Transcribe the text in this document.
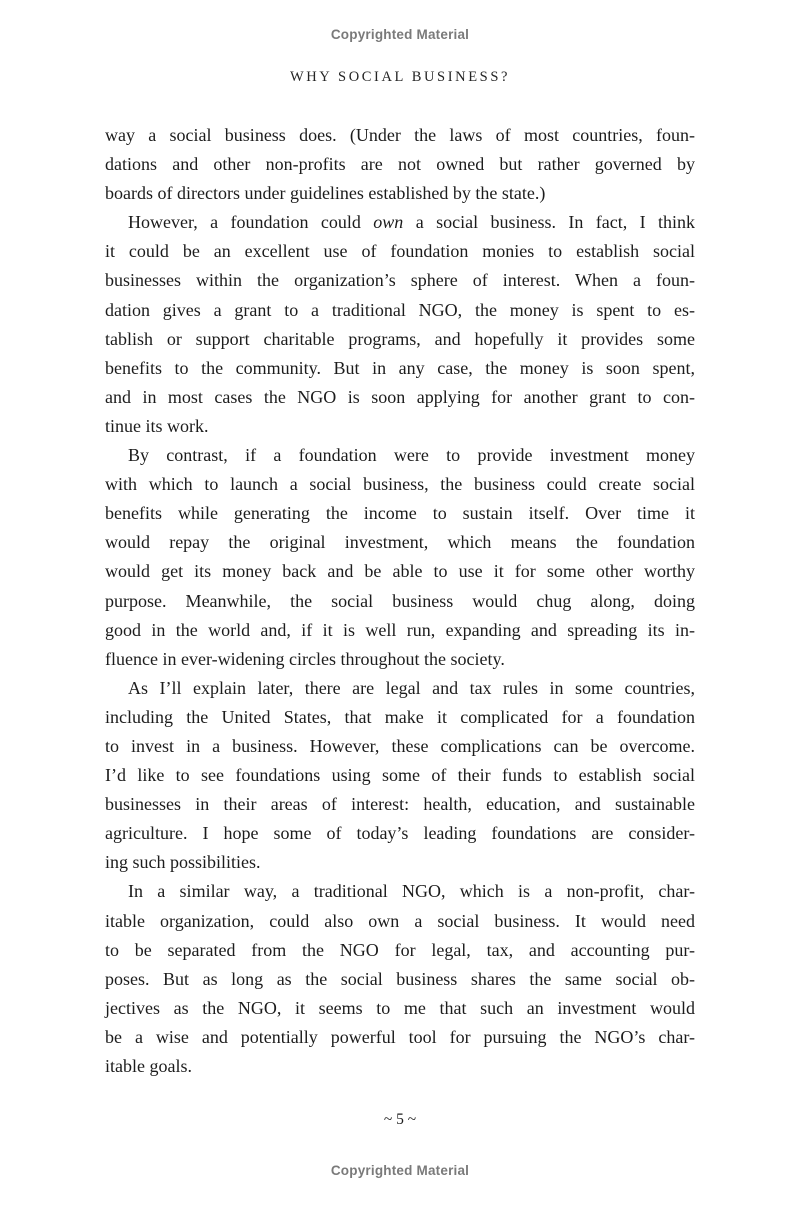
Copyrighted Material
WHY SOCIAL BUSINESS?
way a social business does. (Under the laws of most countries, foun-
dations and other non-profits are not owned but rather governed by
boards of directors under guidelines established by the state.)
However, a foundation could own a social business. In fact, I think
it could be an excellent use of foundation monies to establish social
businesses within the organization’s sphere of interest. When a foun-
dation gives a grant to a traditional NGO, the money is spent to es-
tablish or support charitable programs, and hopefully it provides some
benefits to the community. But in any case, the money is soon spent,
and in most cases the NGO is soon applying for another grant to con-
tinue its work.
By contrast, if a foundation were to provide investment money
with which to launch a social business, the business could create social
benefits while generating the income to sustain itself. Over time it
would repay the original investment, which means the foundation
would get its money back and be able to use it for some other worthy
purpose. Meanwhile, the social business would chug along, doing
good in the world and, if it is well run, expanding and spreading its in-
fluence in ever-widening circles throughout the society.
As I’ll explain later, there are legal and tax rules in some countries,
including the United States, that make it complicated for a foundation
to invest in a business. However, these complications can be overcome.
I’d like to see foundations using some of their funds to establish social
businesses in their areas of interest: health, education, and sustainable
agriculture. I hope some of today’s leading foundations are consider-
ing such possibilities.
In a similar way, a traditional NGO, which is a non-profit, char-
itable organization, could also own a social business. It would need
to be separated from the NGO for legal, tax, and accounting pur-
poses. But as long as the social business shares the same social ob-
jectives as the NGO, it seems to me that such an investment would
be a wise and potentially powerful tool for pursuing the NGO’s char-
itable goals.
~ 5 ~
Copyrighted Material
